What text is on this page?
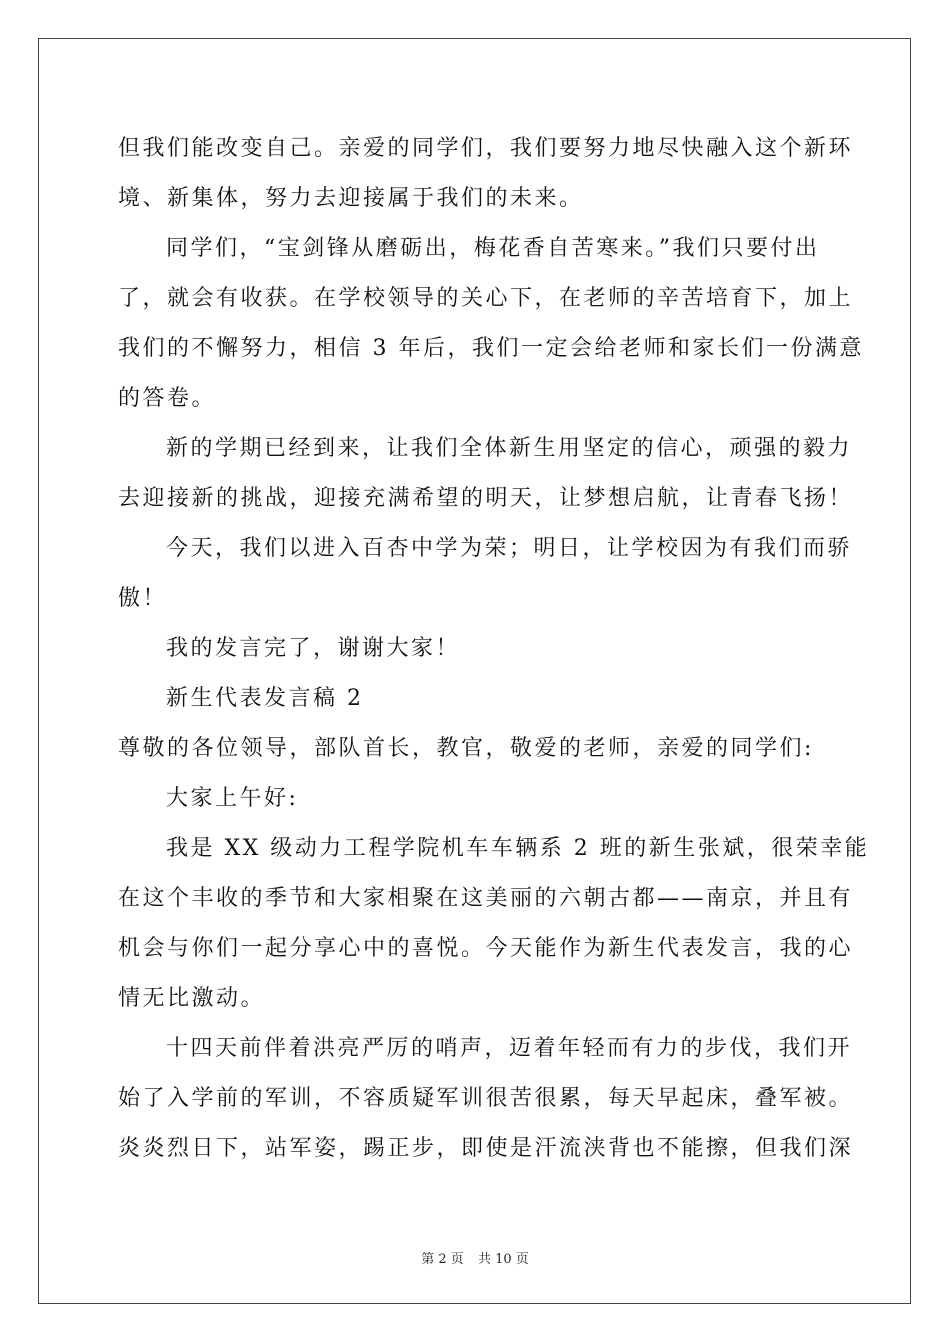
但我们能改变自己。亲爱的同学们，我们要努力地尽快融入这个新环
境、新集体，努力去迎接属于我们的未来。
同学们，“宝剑锋从磨砺出，梅花香自苦寒来。”我们只要付出
了，就会有收获。在学校领导的关心下，在老师的辛苦培育下，加上
我们的不懈努力，相信 3 年后，我们一定会给老师和家长们一份满意
的答卷。
新的学期已经到来，让我们全体新生用坚定的信心，顽强的毅力
去迎接新的挑战，迎接充满希望的明天，让梦想启航，让青春飞扬！
今天，我们以进入百杏中学为荣；明日，让学校因为有我们而骄
傲！
我的发言完了，谢谢大家！
新生代表发言稿 2
尊敬的各位领导，部队首长，教官，敬爱的老师，亲爱的同学们:
大家上午好:
我是 XX 级动力工程学院机车车辆系 2 班的新生张斌，很荣幸能
在这个丰收的季节和大家相聚在这美丽的六朝古都——南京，并且有
机会与你们一起分享心中的喜悦。今天能作为新生代表发言，我的心
情无比激动。
十四天前伴着洪亮严厉的哨声，迈着年轻而有力的步伐，我们开
始了入学前的军训，不容质疑军训很苦很累，每天早起床，叠军被。
炎炎烈日下，站军姿，踢正步，即使是汗流浃背也不能擦，但我们深
第 2 页 共 10 页
